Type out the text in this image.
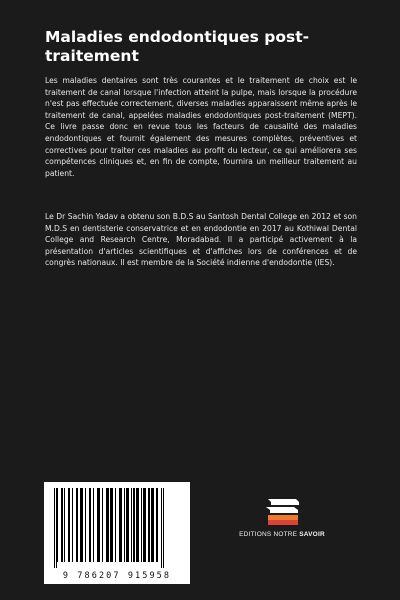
Maladies endodontiques post-traitement

Les maladies dentaires sont très courantes et le traitement de choix est le traitement de canal lorsque l'infection atteint la pulpe, mais lorsque la procédure n'est pas effectuée correctement, diverses maladies apparaissent même après le traitement de canal, appelées maladies endodontiques post-traitement (MEPT). Ce livre passe donc en revue tous les facteurs de causalité des maladies endodontiques et fournit également des mesures complètes, préventives et correctives pour traiter ces maladies au profit du lecteur, ce qui améliorera ses compétences cliniques et, en fin de compte, fournira un meilleur traitement au patient.

Le Dr Sachin Yadav a obtenu son B.D.S au Santosh Dental College en 2012 et son M.D.S en dentisterie conservatrice et en endodontie en 2017 au Kothiwal Dental College and Research Centre, Moradabad. Il a participé activement à la présentation d'articles scientifiques et d'affiches lors de conférences et de congrès nationaux. Il est membre de la Société indienne d'endodontie (IES).

9 786207 915958
EDITIONS NOTRE SAVOIR
